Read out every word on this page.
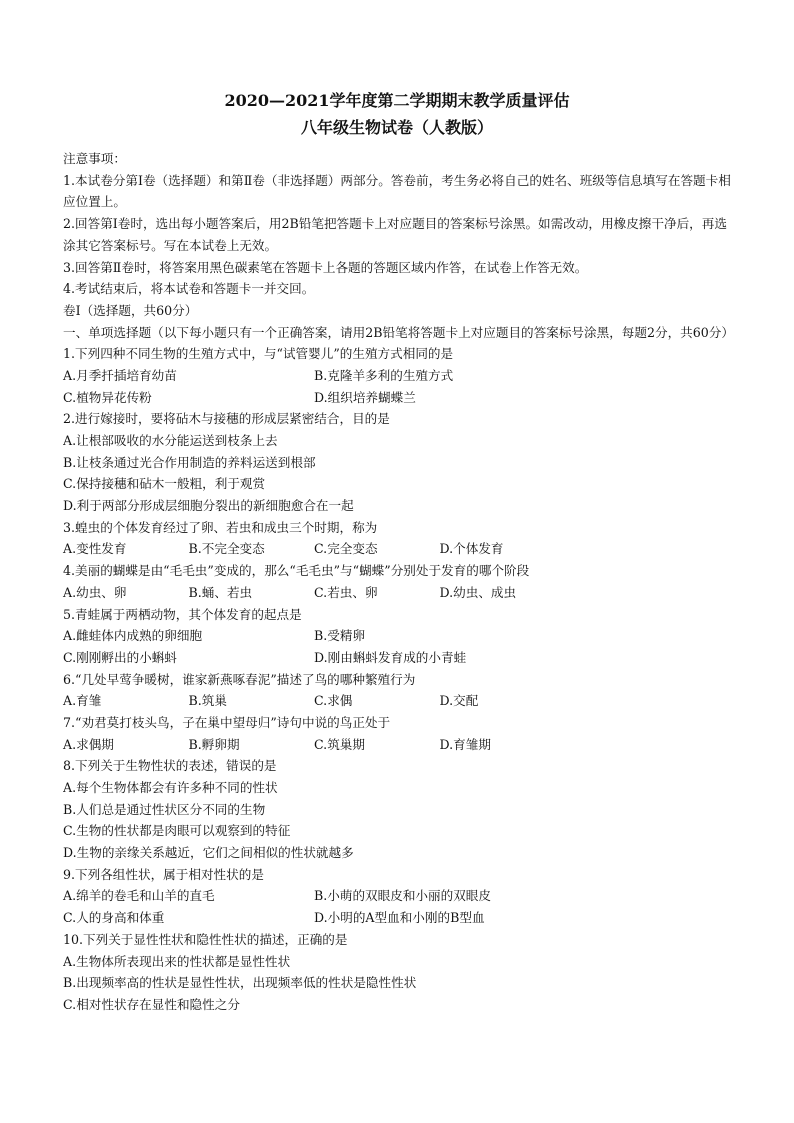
2020—2021学年度第二学期期末教学质量评估
八年级生物试卷（人教版）
注意事项：
1.本试卷分第Ⅰ卷（选择题）和第Ⅱ卷（非选择题）两部分。答卷前，考生务必将自己的姓名、班级等信息填写在答题卡相应位置上。
2.回答第Ⅰ卷时，选出每小题答案后，用2B铅笔把答题卡上对应题目的答案标号涂黑。如需改动，用橡皮擦干净后，再选涂其它答案标号。写在本试卷上无效。
3.回答第Ⅱ卷时，将答案用黑色碳素笔在答题卡上各题的答题区域内作答，在试卷上作答无效。
4.考试结束后，将本试卷和答题卡一并交回。
卷Ⅰ（选择题，共60分）
一、单项选择题（以下每小题只有一个正确答案，请用2B铅笔将答题卡上对应题目的答案标号涂黑，每题2分，共60分）
1.下列四种不同生物的生殖方式中，与“试管婴儿”的生殖方式相同的是
A.月季扦插培育幼苗	B.克隆羊多利的生殖方式
C.植物异花传粉	D.组织培养蝴蝶兰
2.进行嫁接时，要将砧木与接穗的形成层紧密结合，目的是
A.让根部吸收的水分能运送到枝条上去
B.让枝条通过光合作用制造的养料运送到根部
C.保持接穗和砧木一般粗，利于观赏
D.利于两部分形成层细胞分裂出的新细胞愈合在一起
3.蝗虫的个体发育经过了卵、若虫和成虫三个时期，称为
A.变性发育	B.不完全变态	C.完全变态	D.个体发育
4.美丽的蝴蝶是由“毛毛虫”变成的，那么“毛毛虫”与“蝴蝶”分别处于发育的哪个阶段
A.幼虫、卵	B.蛹、若虫	C.若虫、卵	D.幼虫、成虫
5.青蛙属于两栖动物，其个体发育的起点是
A.雌蛙体内成熟的卵细胞	B.受精卵
C.刚刚孵出的小蝌蚪	D.刚由蝌蚪发育成的小青蛙
6.“几处早莺争暖树，谁家新燕啄春泥”描述了鸟的哪种繁殖行为
A.育雏	B.筑巢	C.求偶	D.交配
7.“劝君莫打枝头鸟，子在巢中望母归”诗句中说的鸟正处于
A.求偶期	B.孵卵期	C.筑巢期	D.育雏期
8.下列关于生物性状的表述，错误的是
A.每个生物体都会有许多种不同的性状
B.人们总是通过性状区分不同的生物
C.生物的性状都是肉眼可以观察到的特征
D.生物的亲缘关系越近，它们之间相似的性状就越多
9.下列各组性状，属于相对性状的是
A.绵羊的卷毛和山羊的直毛	B.小萌的双眼皮和小丽的双眼皮
C.人的身高和体重	D.小明的A型血和小刚的B型血
10.下列关于显性性状和隐性性状的描述，正确的是
A.生物体所表现出来的性状都是显性性状
B.出现频率高的性状是显性性状，出现频率低的性状是隐性性状
C.相对性状存在显性和隐性之分
